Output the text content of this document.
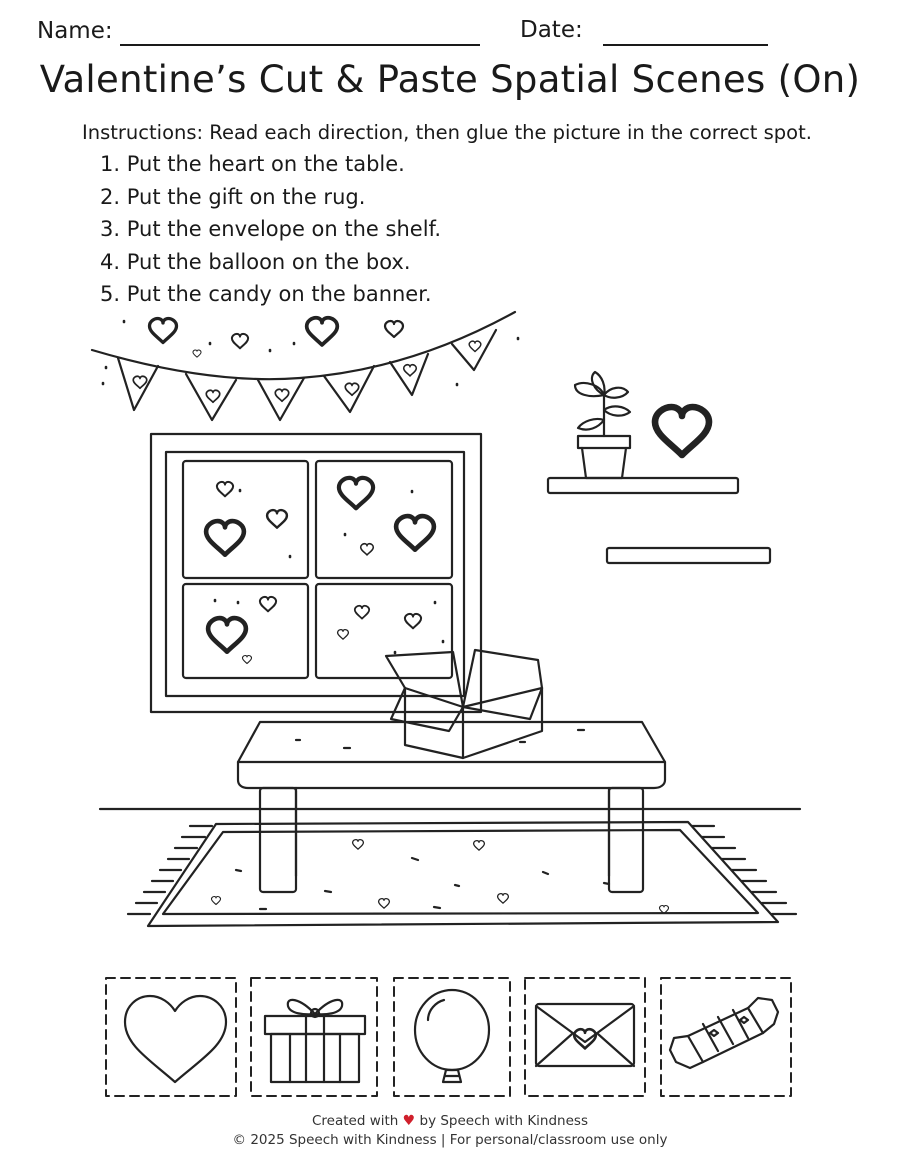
Name:	Date:
Valentine’s Cut & Paste Spatial Scenes (On)
Instructions: Read each direction, then glue the picture in the correct spot.
1. Put the heart on the table.
2. Put the gift on the rug.
3. Put the envelope on the shelf.
4. Put the balloon on the box.
5. Put the candy on the banner.
Created with ♥ by Speech with Kindness
© 2025 Speech with Kindness | For personal/classroom use only
